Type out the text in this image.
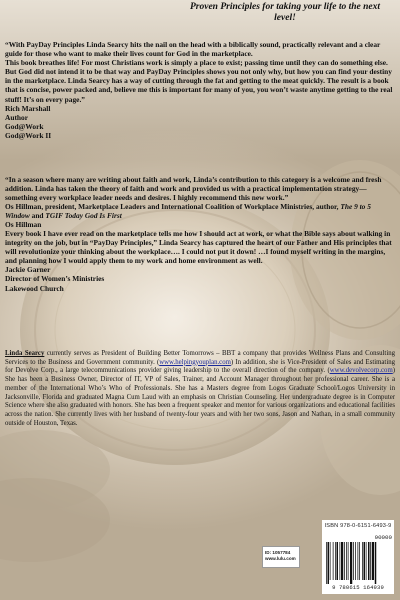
Proven Principles for taking your life to the next level!

“With PayDay Principles Linda Searcy hits the nail on the head with a biblically sound, practically relevant and a clear guide for those who want to make their lives count for God in the marketplace.

This book breathes life! For most Christians work is simply a place to exist; passing time until they can do something else. But God did not intend it to be that way and PayDay Principles shows you not only why, but how you can find your destiny in the marketplace. Linda Searcy has a way of cutting through the fat and getting to the meat quickly. The result is a book that is concise, power packed and, believe me this is important for many of you, you won’t waste anytime getting to the real stuff! It’s on every page.”

Rich Marshall

Author

God@Work

God@Work II

“In a season where many are writing about faith and work, Linda’s contribution to this category is a welcome and fresh addition. Linda has taken the theory of faith and work and provided us with a practical implementation strategy—something every workplace leader needs and desires. I highly recommend this new work.”

Os Hillman, president, Marketplace Leaders and International Coalition of Workplace Ministries, author, The 9 to 5 Window and TGIF Today God Is First

Os Hillman

Every book I have ever read on the marketplace tells me how I should act at work, or what the Bible says about walking in integrity on the job, but in “PayDay Principles,” Linda Searcy has captured the heart of our Father and His principles that will revolutionize your thinking about the workplace…. I could not put it down! …I found myself writing in the margins, and planning how I would apply them to my work and home environment as well.

Jackie Garner

Director of Women’s Ministries

Lakewood Church

Linda Searcy currently serves as President of Building Better Tomorrows – BBT a company that provides Wellness Plans and Consulting Services to the Business and Government community. (www.helpingyouplan.com) In addition, she is Vice-President of Sales and Estimating for Devolve Corp., a large telecommunications provider giving leadership to the overall direction of the company. (www.devolvecorp.com) She has been a Business Owner, Director of IT, VP of Sales, Trainer, and Account Manager throughout her professional career. She is a member of the International Who’s Who of Professionals. She has a Masters degree from Logos Graduate School/Logos University in Jacksonville, Florida and graduated Magna Cum Laud with an emphasis on Christian Counseling. Her undergraduate degree is in Computer Science where she also graduated with honors. She has been a frequent speaker and mentor for various organizations and educational facilities across the nation. She currently lives with her husband of twenty-four years and with her two sons, Jason and Nathan, in a small community outside of Houston, Texas.
ID: 1057784
www.lulu.com
ISBN 978-0-6151-6493-9
90000
9 780615 164939
